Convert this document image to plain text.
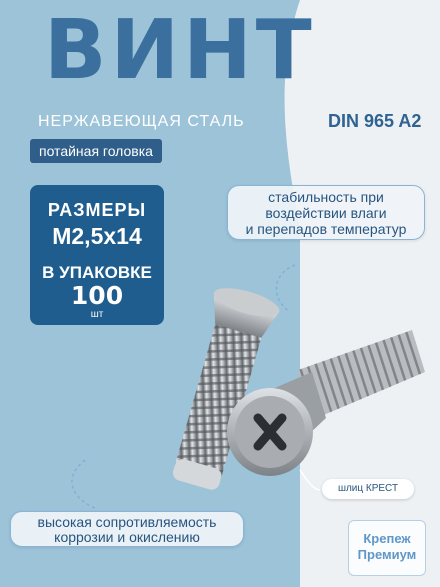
ВИНТ
НЕРЖАВЕЮЩАЯ СТАЛЬ	DIN 965 A2
потайная головка
РАЗМЕРЫ
M2,5x14
В УПАКОВКЕ
100
шт
стабильность при
воздействии влаги
и перепадов температур
шлиц КРЕСТ
высокая сопротивляемость
коррозии и окислению	Крепеж
Премиум
